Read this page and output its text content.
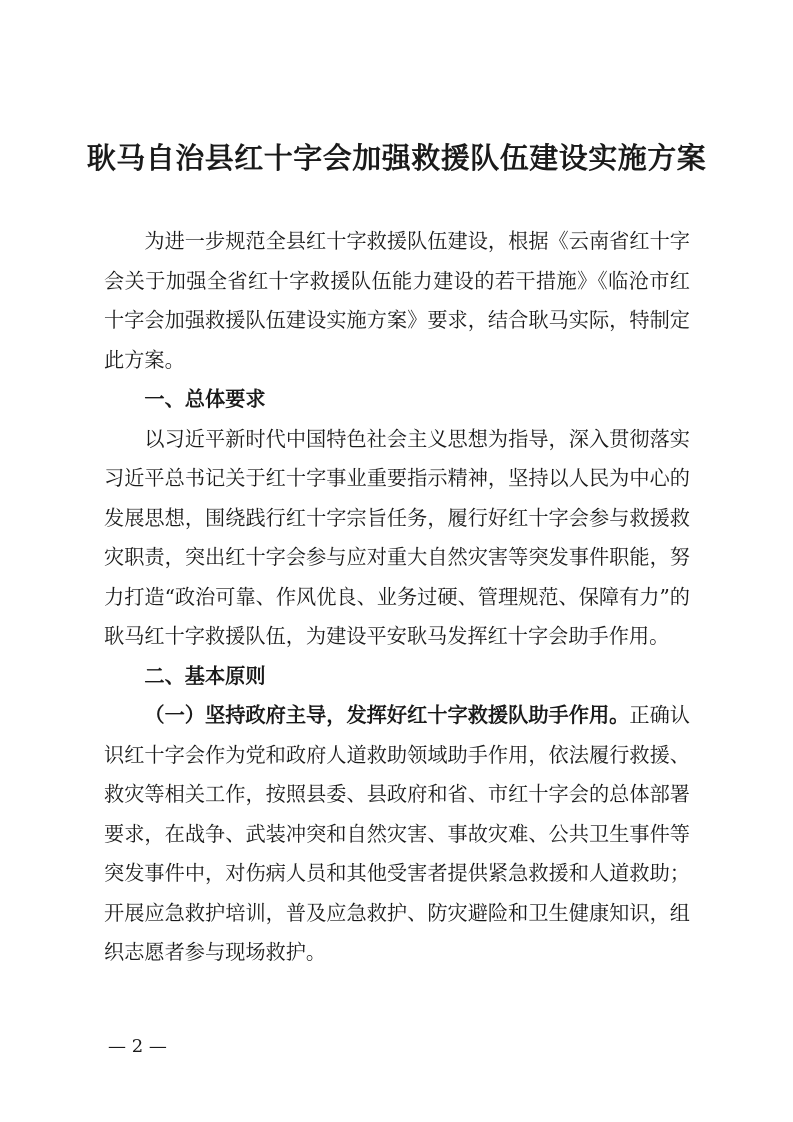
耿马自治县红十字会加强救援队伍建设实施方案

为进一步规范全县红十字救援队伍建设，根据《云南省红十字会关于加强全省红十字救援队伍能力建设的若干措施》《临沧市红十字会加强救援队伍建设实施方案》要求，结合耿马实际，特制定此方案。

一、总体要求

以习近平新时代中国特色社会主义思想为指导，深入贯彻落实习近平总书记关于红十字事业重要指示精神，坚持以人民为中心的发展思想，围绕践行红十字宗旨任务，履行好红十字会参与救援救灾职责，突出红十字会参与应对重大自然灾害等突发事件职能，努力打造“政治可靠、作风优良、业务过硬、管理规范、保障有力”的耿马红十字救援队伍，为建设平安耿马发挥红十字会助手作用。

二、基本原则

（一）坚持政府主导，发挥好红十字救援队助手作用。正确认识红十字会作为党和政府人道救助领域助手作用，依法履行救援、救灾等相关工作，按照县委、县政府和省、市红十字会的总体部署要求，在战争、武装冲突和自然灾害、事故灾难、公共卫生事件等突发事件中，对伤病人员和其他受害者提供紧急救援和人道救助；开展应急救护培训，普及应急救护、防灾避险和卫生健康知识，组织志愿者参与现场救护。

— 2 —
